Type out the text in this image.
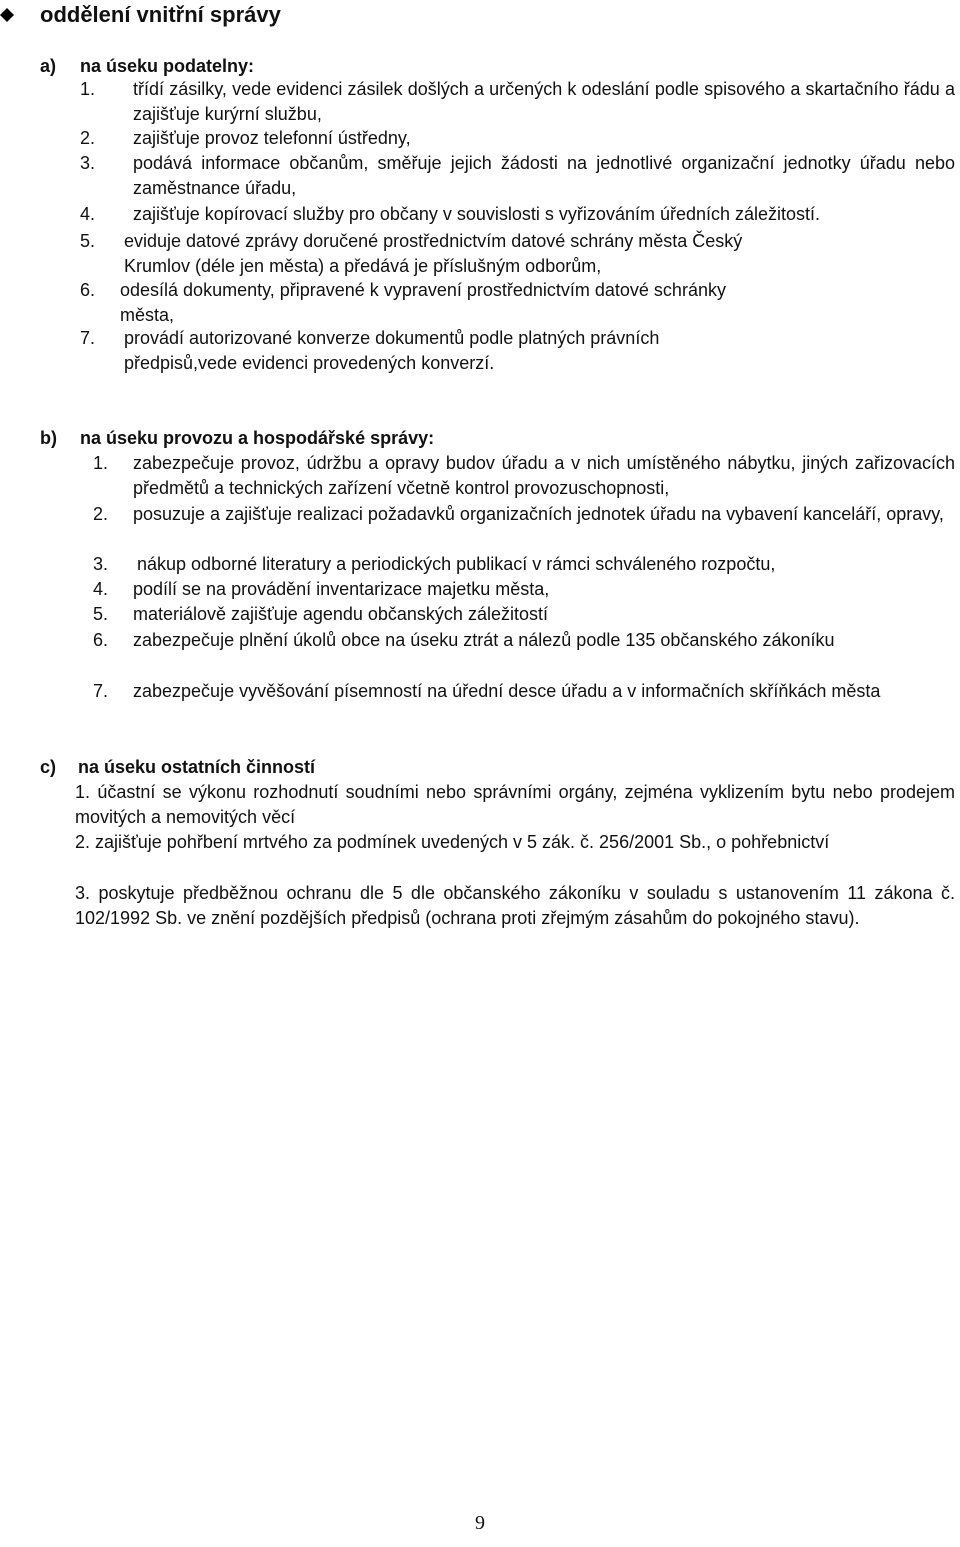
oddělení vnitřní správy
a) na úseku podatelny:
1.	třídí zásilky, vede evidenci zásilek došlých a určených k odeslání podle spisového a skartačního řádu a zajišťuje kurýrní službu,
2.	zajišťuje provoz telefonní ústředny,
3.	podává informace občanům, směřuje jejich žádosti na jednotlivé organizační jednotky úřadu nebo zaměstnance úřadu,
4.	zajišťuje kopírovací služby pro občany v souvislosti s vyřizováním úředních záležitostí.
5.	eviduje datové zprávy doručené prostřednictvím datové schrány města Český Krumlov (déle jen města) a předává je příslušným odborům,
6.	odesílá dokumenty, připravené k vypravení prostřednictvím datové schránky města,
7.	provádí autorizované konverze dokumentů podle platných právních předpisů,vede evidenci provedených konverzí.
b) na úseku provozu a hospodářské správy:
1.	zabezpečuje provoz, údržbu a opravy budov úřadu a v nich umístěného nábytku, jiných zařizovacích předmětů a technických zařízení včetně kontrol provozuschopnosti,
2.	posuzuje a zajišťuje realizaci požadavků organizačních jednotek úřadu na vybavení kanceláří, opravy,
3.	nákup odborné literatury a periodických publikací v rámci schváleného rozpočtu,
4.	podílí se na provádění inventarizace majetku města,
5.	materiálově zajišťuje agendu občanských záležitostí
6.	zabezpečuje plnění úkolů obce na úseku ztrát a nálezů podle 135 občanského zákoníku
7.	zabezpečuje vyvěšování písemností na úřední desce úřadu a v informačních skříňkách města
c) na úseku ostatních činností
1. účastní se výkonu rozhodnutí soudními nebo správními orgány, zejména vyklizením bytu nebo prodejem movitých a nemovitých věcí
2. zajišťuje pohřbení mrtvého za podmínek uvedených v 5 zák. č. 256/2001 Sb., o pohřebnictví
3. poskytuje předběžnou ochranu dle 5 dle občanského zákoníku v souladu s ustanovením 11 zákona č. 102/1992 Sb. ve znění pozdějších předpisů (ochrana proti zřejmým zásahům do pokojného stavu).
9
